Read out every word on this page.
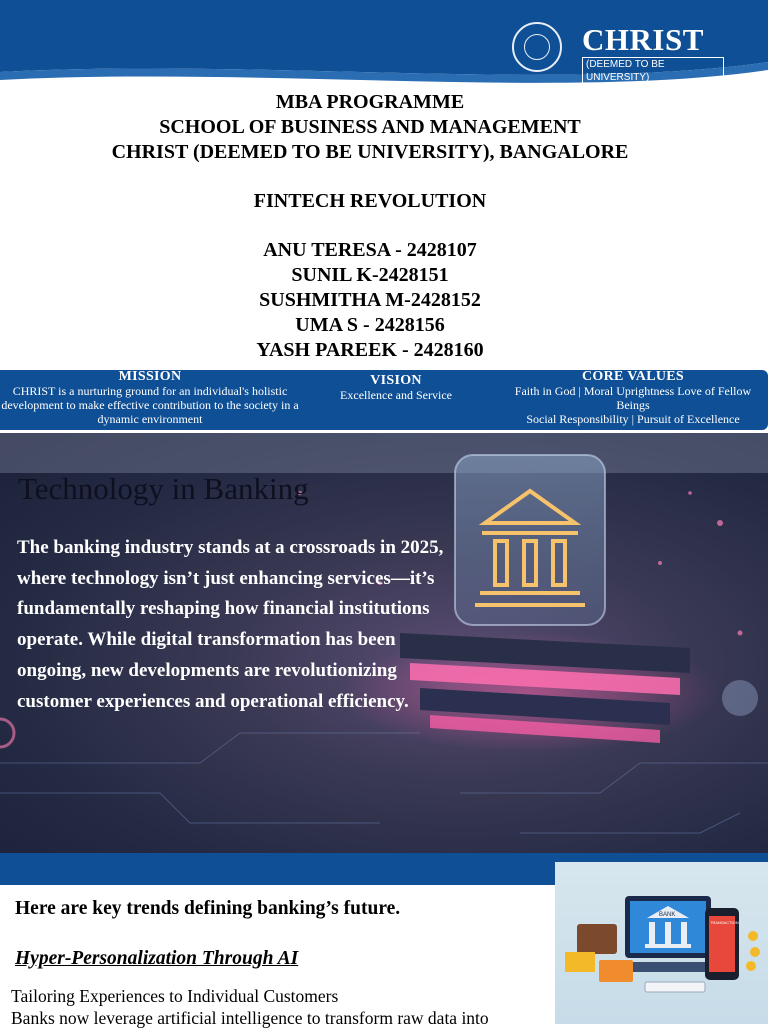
CHRIST
(DEEMED TO BE UNIVERSITY)
MBA PROGRAMME
SCHOOL OF BUSINESS AND MANAGEMENT
CHRIST (DEEMED TO BE UNIVERSITY), BANGALORE
FINTECH REVOLUTION
ANU TERESA - 2428107
SUNIL K-2428151
SUSHMITHA M-2428152
UMA S - 2428156
YASH PAREEK - 2428160
MISSION
CHRIST is a nurturing ground for an individual's holistic development to make effective contribution to the society in a dynamic environment
VISION
Excellence and Service
CORE VALUES
Faith in God | Moral Uprightness Love of Fellow Beings
Social Responsibility | Pursuit of Excellence
Technology in Banking
The banking industry stands at a crossroads in 2025, where technology isn’t just enhancing services—it’s fundamentally reshaping how financial institutions operate. While digital transformation has been ongoing, new developments are revolutionizing customer experiences and operational efficiency.
BANK
TRANSACTION
Here are key trends defining banking’s future.
Hyper-Personalization Through AI
Tailoring Experiences to Individual Customers
Banks now leverage artificial intelligence to transform raw data into
